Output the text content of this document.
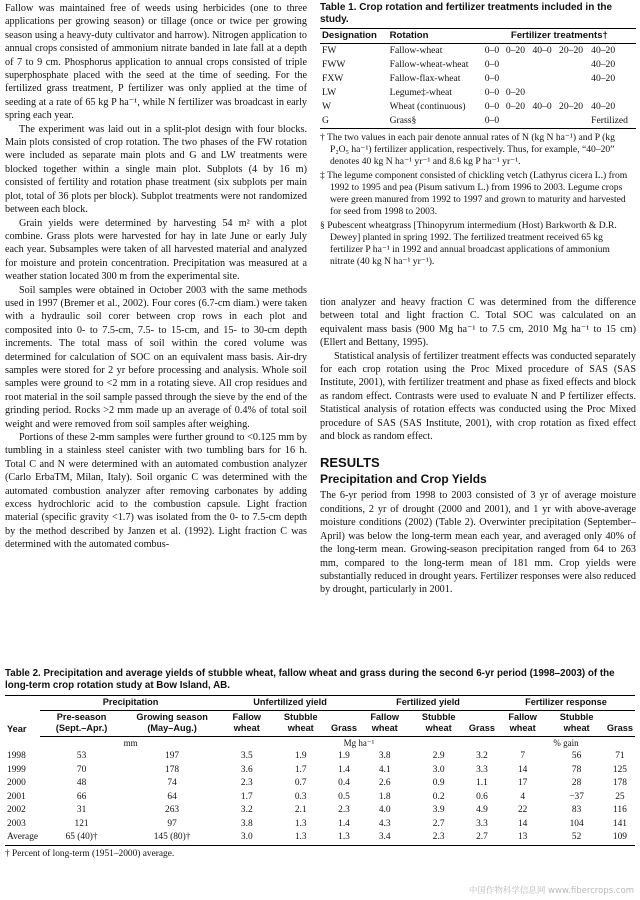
Fallow was maintained free of weeds using herbicides (one to three applications per growing season) or tillage (once or twice per growing season using a heavy-duty cultivator and harrow). Nitrogen application to annual crops consisted of ammonium nitrate banded in late fall at a depth of 7 to 9 cm. Phosphorus application to annual crops consisted of triple superphosphate placed with the seed at the time of seeding. For the fertilized grass treatment, P fertilizer was only applied at the time of seeding at a rate of 65 kg P ha⁻¹, while N fertilizer was broadcast in early spring each year.

The experiment was laid out in a split-plot design with four blocks. Main plots consisted of crop rotation. The two phases of the FW rotation were included as separate main plots and G and LW treatments were blocked together within a single main plot. Subplots (4 by 16 m) consisted of fertility and rotation phase treatment (six subplots per main plot, total of 36 plots per block). Subplot treatments were not randomized between each block.

Grain yields were determined by harvesting 54 m² with a plot combine. Grass plots were harvested for hay in late June or early July each year. Subsamples were taken of all harvested material and analyzed for moisture and protein concentration. Precipitation was measured at a weather station located 300 m from the experimental site.

Soil samples were obtained in October 2003 with the same methods used in 1997 (Bremer et al., 2002). Four cores (6.7-cm diam.) were taken with a hydraulic soil corer between crop rows in each plot and composited into 0- to 7.5-cm, 7.5- to 15-cm, and 15- to 30-cm depth increments. The total mass of soil within the cored volume was determined for calculation of SOC on an equivalent mass basis. Air-dry samples were stored for 2 yr before processing and analysis. Whole soil samples were ground to <2 mm in a rotating sieve. All crop residues and root material in the soil sample passed through the sieve by the end of the grinding period. Rocks >2 mm made up an average of 0.4% of total soil weight and were removed from soil samples after weighing.

Portions of these 2-mm samples were further ground to <0.125 mm by tumbling in a stainless steel canister with two tumbling bars for 16 h. Total C and N were determined with an automated combustion analyzer (Carlo ErbaTM, Milan, Italy). Soil organic C was determined with the automated combustion analyzer after removing carbonates by adding excess hydrochloric acid to the combustion capsule. Light fraction material (specific gravity <1.7) was isolated from the 0- to 7.5-cm depth by the method described by Janzen et al. (1992). Light fraction C was determined with the automated combus-

Table 1. Crop rotation and fertilizer treatments included in the study.

Designation	Rotation	Fertilizer treatments†				
FW	Fallow-wheat	0–0	0–20	40–0	20–20	40–20
FWW	Fallow-wheat-wheat	0–0				40–20
FXW	Fallow-flax-wheat	0–0				40–20
LW	Legume‡-wheat	0–0	0–20			
W	Wheat (continuous)	0–0	0–20	40–0	20–20	40–20
G	Grass§	0–0				Fertilized

† The two values in each pair denote annual rates of N (kg N ha⁻¹) and P (kg P₂O₅ ha⁻¹) fertilizer application, respectively. Thus, for example, “40–20” denotes 40 kg N ha⁻¹ yr⁻¹ and 8.6 kg P ha⁻¹ yr⁻¹.

‡ The legume component consisted of chickling vetch (Lathyrus cicera L.) from 1992 to 1995 and pea (Pisum sativum L.) from 1996 to 2003. Legume crops were green manured from 1992 to 1997 and grown to maturity and harvested for seed from 1998 to 2003.

§ Pubescent wheatgrass [Thinopyrum intermedium (Host) Barkworth & D.R. Dewey] planted in spring 1992. The fertilized treatment received 65 kg fertilizer P ha⁻¹ in 1992 and annual broadcast applications of ammonium nitrate (40 kg N ha⁻¹ yr⁻¹).

tion analyzer and heavy fraction C was determined from the difference between total and light fraction C. Total SOC was calculated on an equivalent mass basis (900 Mg ha⁻¹ to 7.5 cm, 2010 Mg ha⁻¹ to 15 cm) (Ellert and Bettany, 1995).

Statistical analysis of fertilizer treatment effects was conducted separately for each crop rotation using the Proc Mixed procedure of SAS (SAS Institute, 2001), with fertilizer treatment and phase as fixed effects and block as random effect. Contrasts were used to evaluate N and P fertilizer effects. Statistical analysis of rotation effects was conducted using the Proc Mixed procedure of SAS (SAS Institute, 2001), with crop rotation as fixed effect and block as random effect.

RESULTS
Precipitation and Crop Yields

The 6-yr period from 1998 to 2003 consisted of 3 yr of average moisture conditions, 2 yr of drought (2000 and 2001), and 1 yr with above-average moisture conditions (2002) (Table 2). Overwinter precipitation (September–April) was below the long-term mean each year, and averaged only 40% of the long-term mean. Growing-season precipitation ranged from 64 to 263 mm, compared to the long-term mean of 181 mm. Crop yields were substantially reduced in drought years. Fertilizer responses were also reduced by drought, particularly in 2001.

Table 2. Precipitation and average yields of stubble wheat, fallow wheat and grass during the second 6-yr period (1998–2003) of the long-term crop rotation study at Bow Island, AB.

Year	Precipitation		Unfertilized yield			Fertilized yield			Fertilizer response		
	Pre-season (Sept.–Apr.)	Growing season (May–Aug.)	Fallow wheat	Stubble wheat	Grass	Fallow wheat	Stubble wheat	Grass	Fallow wheat	Stubble wheat	Grass
	mm		Mg ha⁻¹						% gain		
1998	53	197	3.5	1.9	1.9	3.8	2.9	3.2	7	56	71
1999	70	178	3.6	1.7	1.4	4.1	3.0	3.3	14	78	125
2000	48	74	2.3	0.7	0.4	2.6	0.9	1.1	17	28	178
2001	66	64	1.7	0.3	0.5	1.8	0.2	0.6	4	−37	25
2002	31	263	3.2	2.1	2.3	4.0	3.9	4.9	22	83	116
2003	121	97	3.8	1.3	1.4	4.3	2.7	3.3	14	104	141
Average	65 (40)†	145 (80)†	3.0	1.3	1.3	3.4	2.3	2.7	13	52	109
† Percent of long-term (1951–2000) average.
中国作物科学信息网 www.fibercrops.com
